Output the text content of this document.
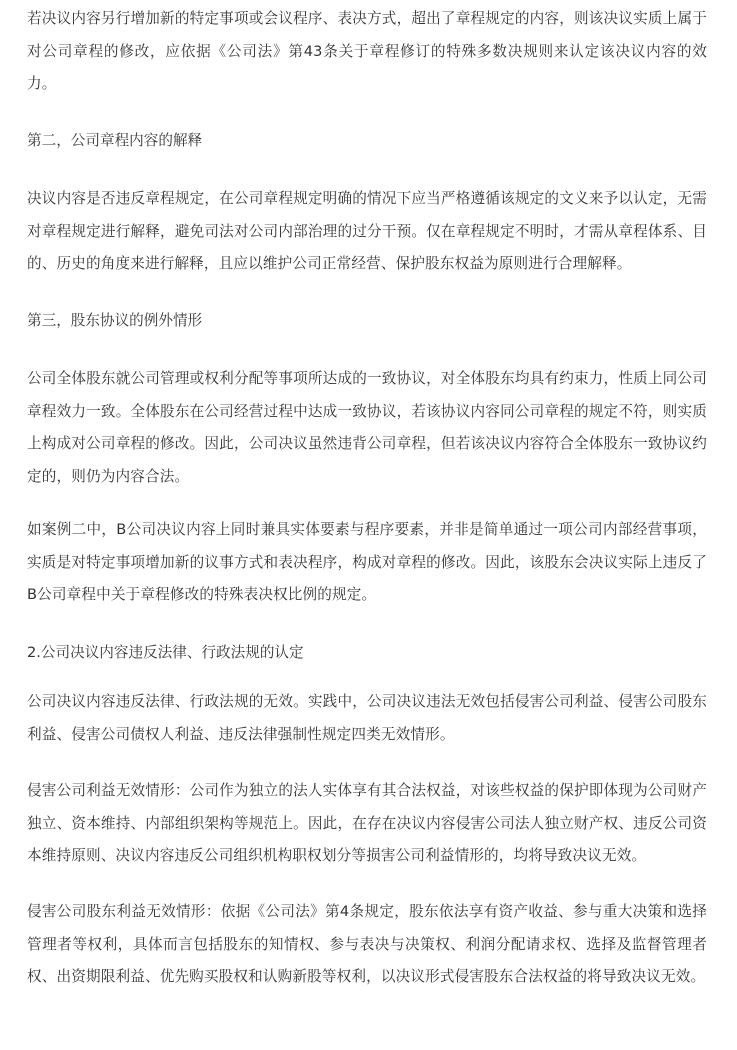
若决议内容另行增加新的特定事项或会议程序、表决方式，超出了章程规定的内容，则该决议实质上属于对公司章程的修改，应依据《公司法》第43条关于章程修订的特殊多数决规则来认定该决议内容的效力。

第二，公司章程内容的解释

决议内容是否违反章程规定，在公司章程规定明确的情况下应当严格遵循该规定的文义来予以认定，无需对章程规定进行解释，避免司法对公司内部治理的过分干预。仅在章程规定不明时，才需从章程体系、目的、历史的角度来进行解释，且应以维护公司正常经营、保护股东权益为原则进行合理解释。

第三，股东协议的例外情形

公司全体股东就公司管理或权利分配等事项所达成的一致协议，对全体股东均具有约束力，性质上同公司章程效力一致。全体股东在公司经营过程中达成一致协议，若该协议内容同公司章程的规定不符，则实质上构成对公司章程的修改。因此，公司决议虽然违背公司章程，但若该决议内容符合全体股东一致协议约定的，则仍为内容合法。

如案例二中，B公司决议内容上同时兼具实体要素与程序要素，并非是简单通过一项公司内部经营事项，实质是对特定事项增加新的议事方式和表决程序，构成对章程的修改。因此，该股东会决议实际上违反了B公司章程中关于章程修改的特殊表决权比例的规定。

2.公司决议内容违反法律、行政法规的认定

公司决议内容违反法律、行政法规的无效。实践中，公司决议违法无效包括侵害公司利益、侵害公司股东利益、侵害公司债权人利益、违反法律强制性规定四类无效情形。

侵害公司利益无效情形：公司作为独立的法人实体享有其合法权益，对该些权益的保护即体现为公司财产独立、资本维持、内部组织架构等规范上。因此，在存在决议内容侵害公司法人独立财产权、违反公司资本维持原则、决议内容违反公司组织机构职权划分等损害公司利益情形的，均将导致决议无效。

侵害公司股东利益无效情形：依据《公司法》第4条规定，股东依法享有资产收益、参与重大决策和选择管理者等权利，具体而言包括股东的知情权、参与表决与决策权、利润分配请求权、选择及监督管理者权、出资期限利益、优先购买股权和认购新股等权利，以决议形式侵害股东合法权益的将导致决议无效。
